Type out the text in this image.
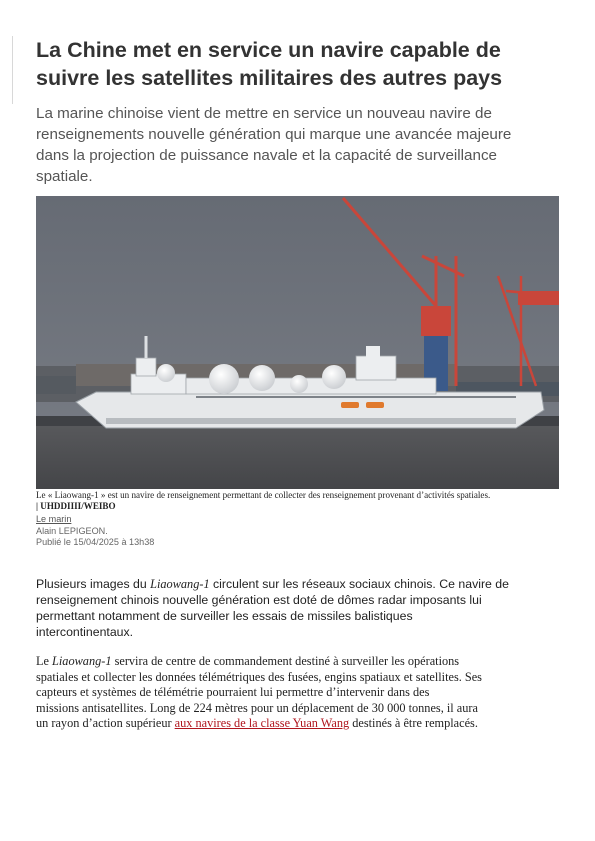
La Chine met en service un navire capable de
suivre les satellites militaires des autres pays

La marine chinoise vient de mettre en service un nouveau navire de
renseignements nouvelle génération qui marque une avancée majeure
dans la projection de puissance navale et la capacité de surveillance
spatiale.

Le « Liaowang-1 » est un navire de renseignement permettant de collecter des renseignement provenant d’activités spatiales.
| UHDDIIII/WEIBO

Le marin
Alain LEPIGEON.
Publié le 15/04/2025 à 13h38

Plusieurs images du Liaowang-1 circulent sur les réseaux sociaux chinois. Ce navire de
renseignement chinois nouvelle génération est doté de dômes radar imposants lui
permettant notamment de surveiller les essais de missiles balistiques
intercontinentaux.

Le Liaowang-1 servira de centre de commandement destiné à surveiller les opérations
spatiales et collecter les données télémétriques des fusées, engins spatiaux et satellites. Ses
capteurs et systèmes de télémétrie pourraient lui permettre d’intervenir dans des
missions antisatellites. Long de 224 mètres pour un déplacement de 30 000 tonnes, il aura
un rayon d’action supérieur aux navires de la classe Yuan Wang destinés à être remplacés.
